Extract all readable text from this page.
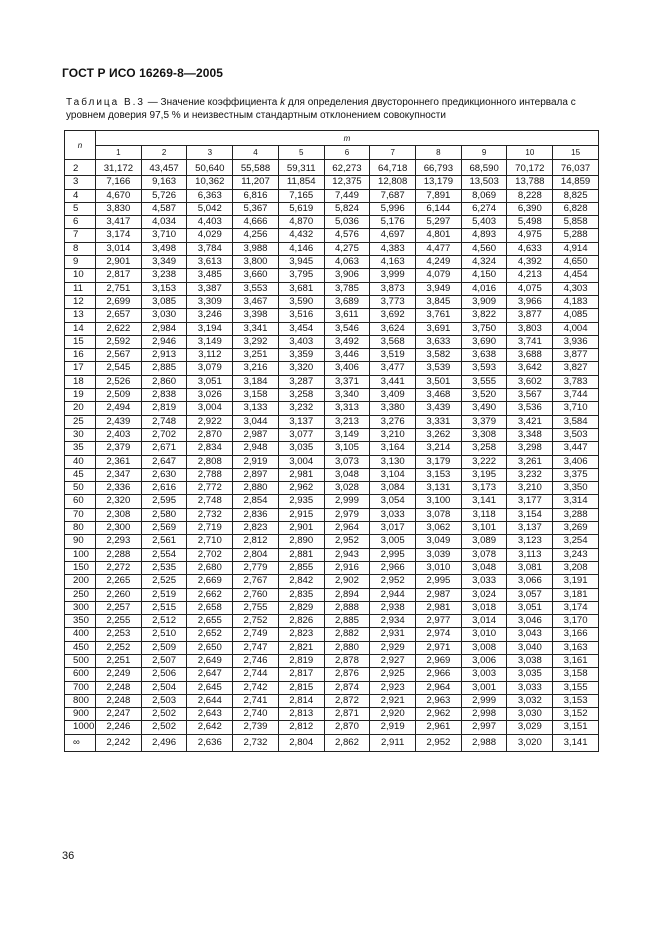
ГОСТ Р ИСО 16269-8—2005
Таблица B.3 — Значение коэффициента k для определения двустороннего предикционного интервала с уровнем доверия 97,5 % и неизвестным стандартным отклонением совокупности
n	m										
	1	2	3	4	5	6	7	8	9	10	15
2	31,172	43,457	50,640	55,588	59,311	62,273	64,718	66,793	68,590	70,172	76,037
3	7,166	9,163	10,362	11,207	11,854	12,375	12,808	13,179	13,503	13,788	14,859
4	4,670	5,726	6,363	6,816	7,165	7,449	7,687	7,891	8,069	8,228	8,825
5	3,830	4,587	5,042	5,367	5,619	5,824	5,996	6,144	6,274	6,390	6,828
6	3,417	4,034	4,403	4,666	4,870	5,036	5,176	5,297	5,403	5,498	5,858
7	3,174	3,710	4,029	4,256	4,432	4,576	4,697	4,801	4,893	4,975	5,288
8	3,014	3,498	3,784	3,988	4,146	4,275	4,383	4,477	4,560	4,633	4,914
9	2,901	3,349	3,613	3,800	3,945	4,063	4,163	4,249	4,324	4,392	4,650
10	2,817	3,238	3,485	3,660	3,795	3,906	3,999	4,079	4,150	4,213	4,454
11	2,751	3,153	3,387	3,553	3,681	3,785	3,873	3,949	4,016	4,075	4,303
12	2,699	3,085	3,309	3,467	3,590	3,689	3,773	3,845	3,909	3,966	4,183
13	2,657	3,030	3,246	3,398	3,516	3,611	3,692	3,761	3,822	3,877	4,085
14	2,622	2,984	3,194	3,341	3,454	3,546	3,624	3,691	3,750	3,803	4,004
15	2,592	2,946	3,149	3,292	3,403	3,492	3,568	3,633	3,690	3,741	3,936
16	2,567	2,913	3,112	3,251	3,359	3,446	3,519	3,582	3,638	3,688	3,877
17	2,545	2,885	3,079	3,216	3,320	3,406	3,477	3,539	3,593	3,642	3,827
18	2,526	2,860	3,051	3,184	3,287	3,371	3,441	3,501	3,555	3,602	3,783
19	2,509	2,838	3,026	3,158	3,258	3,340	3,409	3,468	3,520	3,567	3,744
20	2,494	2,819	3,004	3,133	3,232	3,313	3,380	3,439	3,490	3,536	3,710
25	2,439	2,748	2,922	3,044	3,137	3,213	3,276	3,331	3,379	3,421	3,584
30	2,403	2,702	2,870	2,987	3,077	3,149	3,210	3,262	3,308	3,348	3,503
35	2,379	2,671	2,834	2,948	3,035	3,105	3,164	3,214	3,258	3,298	3,447
40	2,361	2,647	2,808	2,919	3,004	3,073	3,130	3,179	3,222	3,261	3,406
45	2,347	2,630	2,788	2,897	2,981	3,048	3,104	3,153	3,195	3,232	3,375
50	2,336	2,616	2,772	2,880	2,962	3,028	3,084	3,131	3,173	3,210	3,350
60	2,320	2,595	2,748	2,854	2,935	2,999	3,054	3,100	3,141	3,177	3,314
70	2,308	2,580	2,732	2,836	2,915	2,979	3,033	3,078	3,118	3,154	3,288
80	2,300	2,569	2,719	2,823	2,901	2,964	3,017	3,062	3,101	3,137	3,269
90	2,293	2,561	2,710	2,812	2,890	2,952	3,005	3,049	3,089	3,123	3,254
100	2,288	2,554	2,702	2,804	2,881	2,943	2,995	3,039	3,078	3,113	3,243
150	2,272	2,535	2,680	2,779	2,855	2,916	2,966	3,010	3,048	3,081	3,208
200	2,265	2,525	2,669	2,767	2,842	2,902	2,952	2,995	3,033	3,066	3,191
250	2,260	2,519	2,662	2,760	2,835	2,894	2,944	2,987	3,024	3,057	3,181
300	2,257	2,515	2,658	2,755	2,829	2,888	2,938	2,981	3,018	3,051	3,174
350	2,255	2,512	2,655	2,752	2,826	2,885	2,934	2,977	3,014	3,046	3,170
400	2,253	2,510	2,652	2,749	2,823	2,882	2,931	2,974	3,010	3,043	3,166
450	2,252	2,509	2,650	2,747	2,821	2,880	2,929	2,971	3,008	3,040	3,163
500	2,251	2,507	2,649	2,746	2,819	2,878	2,927	2,969	3,006	3,038	3,161
600	2,249	2,506	2,647	2,744	2,817	2,876	2,925	2,966	3,003	3,035	3,158
700	2,248	2,504	2,645	2,742	2,815	2,874	2,923	2,964	3,001	3,033	3,155
800	2,248	2,503	2,644	2,741	2,814	2,872	2,921	2,963	2,999	3,032	3,153
900	2,247	2,502	2,643	2,740	2,813	2,871	2,920	2,962	2,998	3,030	3,152
1000	2,246	2,502	2,642	2,739	2,812	2,870	2,919	2,961	2,997	3,029	3,151
∞	2,242	2,496	2,636	2,732	2,804	2,862	2,911	2,952	2,988	3,020	3,141
36
